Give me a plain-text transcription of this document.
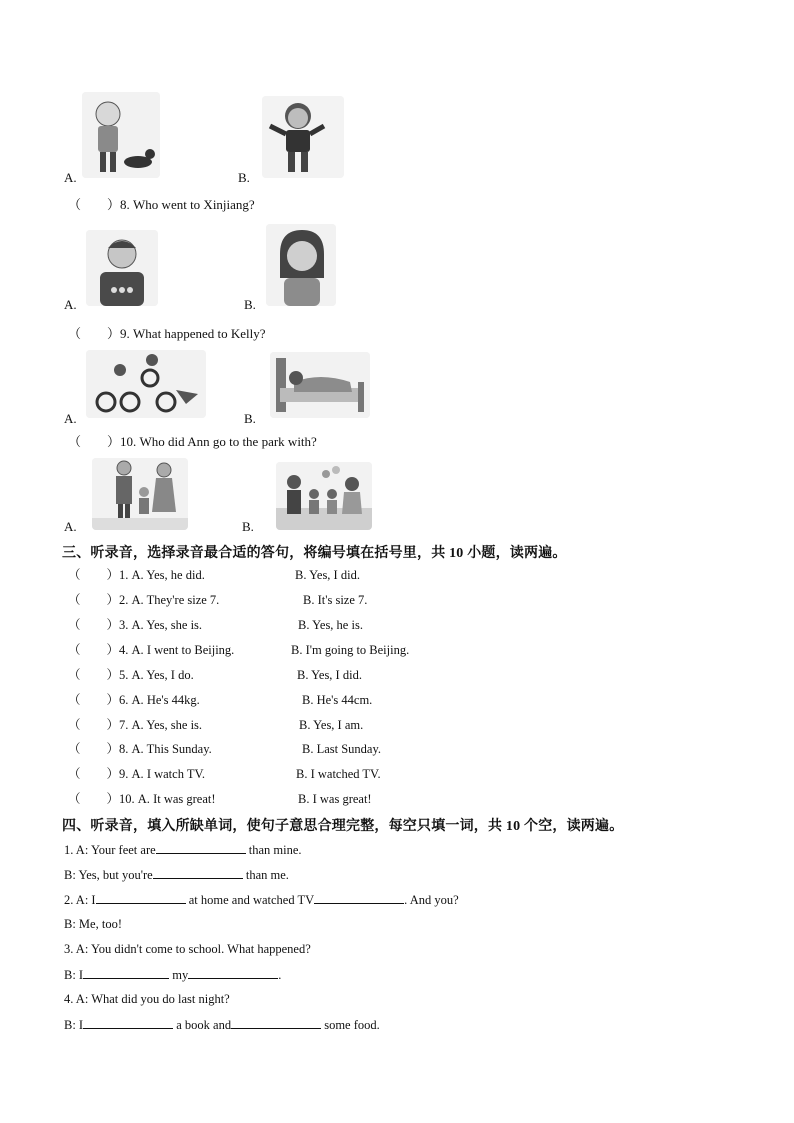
A.	B.
（ ）8. Who went to Xinjiang?
A.	B.
（ ）9. What happened to Kelly?
A.	B.
（ ）10. Who did Ann go to the park with?
A.	B.
三、听录音，选择录音最合适的答句，将编号填在括号里，共 10 小题，读两遍。
（ ）1. A. Yes, he did.	B. Yes, I did.
（ ）2. A. They're size 7.	B. It's size 7.
（ ）3. A. Yes, she is.	B. Yes, he is.
（ ）4. A. I went to Beijing.	B. I'm going to Beijing.
（ ）5. A. Yes, I do.	B. Yes, I did.
（ ）6. A. He's 44kg.	B. He's 44cm.
（ ）7. A. Yes, she is.	B. Yes, I am.
（ ）8. A. This Sunday.	B. Last Sunday.
（ ）9. A. I watch TV.	B. I watched TV.
（ ）10. A. It was great!	B. I was great!
四、听录音，填入所缺单词，使句子意思合理完整，每空只填一词，共 10 个空，读两遍。
1. A: Your feet are	than mine.
B: Yes, but you're	than me.
2. A: I	at home and watched TV	. And you?
B: Me, too!
3. A: You didn't come to school. What happened?
B: I	my	.
4. A: What did you do last night?
B: I	a book and	some food.
